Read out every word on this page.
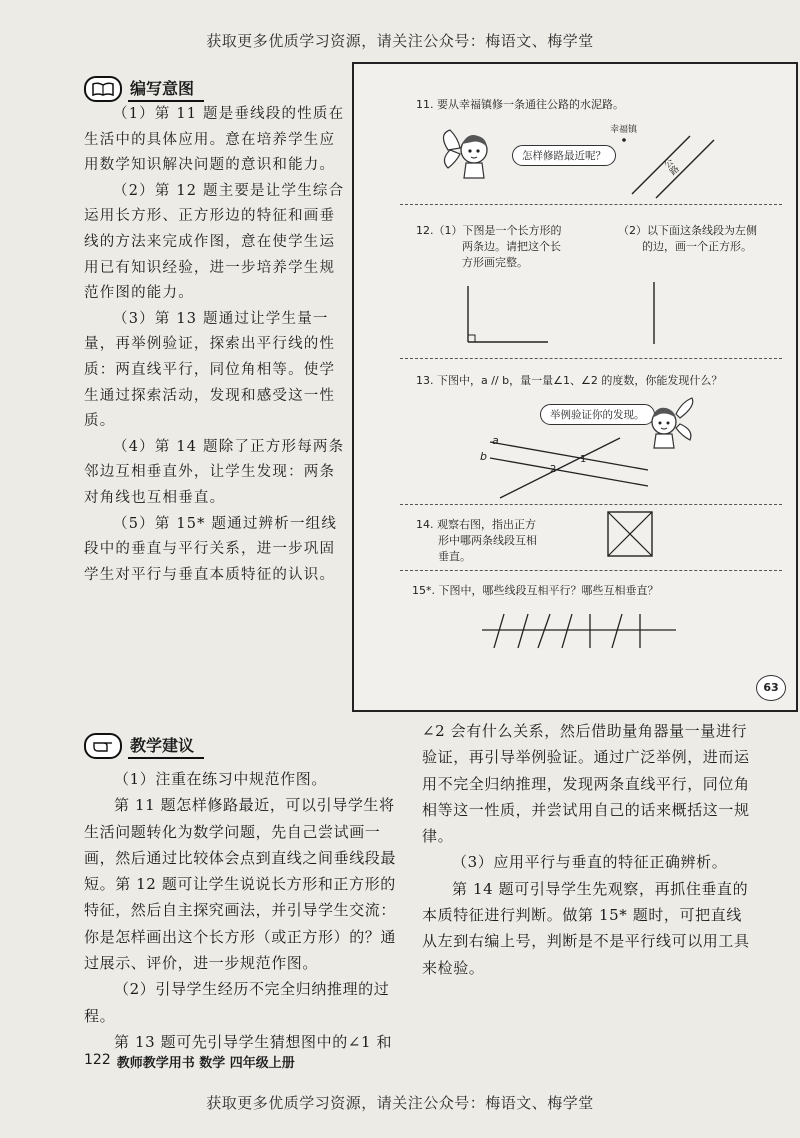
获取更多优质学习资源，请关注公众号：梅语文、梅学堂
编写意图

（1）第 11 题是垂线段的性质在生活中的具体应用。意在培养学生应用数学知识解决问题的意识和能力。

（2）第 12 题主要是让学生综合运用长方形、正方形边的特征和画垂线的方法来完成作图，意在使学生运用已有知识经验，进一步培养学生规范作图的能力。

（3）第 13 题通过让学生量一量，再举例验证，探索出平行线的性质：两直线平行，同位角相等。使学生通过探索活动，发现和感受这一性质。

（4）第 14 题除了正方形每两条邻边互相垂直外，让学生发现：两条对角线也互相垂直。

（5）第 15* 题通过辨析一组线段中的垂直与平行关系，进一步巩固学生对平行与垂直本质特征的认识。

11. 要从幸福镇修一条通往公路的水泥路。
怎样修路最近呢？
幸福镇
公路
12.（1）下图是一个长方形的
两条边。请把这个长
方形画完整。
（2）以下面这条线段为左侧
的边，画一个正方形。
13. 下图中，a // b，量一量∠1、∠2 的度数，你能发现什么？
举例验证你的发现。
a
b	1
2
14. 观察右图，指出正方
形中哪两条线段互相
垂直。
15*. 下图中，哪些线段互相平行？哪些互相垂直？
63
教学建议

（1）注重在练习中规范作图。

第 11 题怎样修路最近，可以引导学生将生活问题转化为数学问题，先自己尝试画一画，然后通过比较体会点到直线之间垂线段最短。第 12 题可让学生说说长方形和正方形的特征，然后自主探究画法，并引导学生交流：你是怎样画出这个长方形（或正方形）的？通过展示、评价，进一步规范作图。

（2）引导学生经历不完全归纳推理的过程。

第 13 题可先引导学生猜想图中的∠1 和

∠2 会有什么关系，然后借助量角器量一量进行验证，再引导举例验证。通过广泛举例，进而运用不完全归纳推理，发现两条直线平行，同位角相等这一性质，并尝试用自己的话来概括这一规律。

（3）应用平行与垂直的特征正确辨析。

第 14 题可引导学生先观察，再抓住垂直的本质特征进行判断。做第 15* 题时，可把直线从左到右编上号，判断是不是平行线可以用工具来检验。

122 教师教学用书 数学 四年级上册
获取更多优质学习资源，请关注公众号：梅语文、梅学堂
